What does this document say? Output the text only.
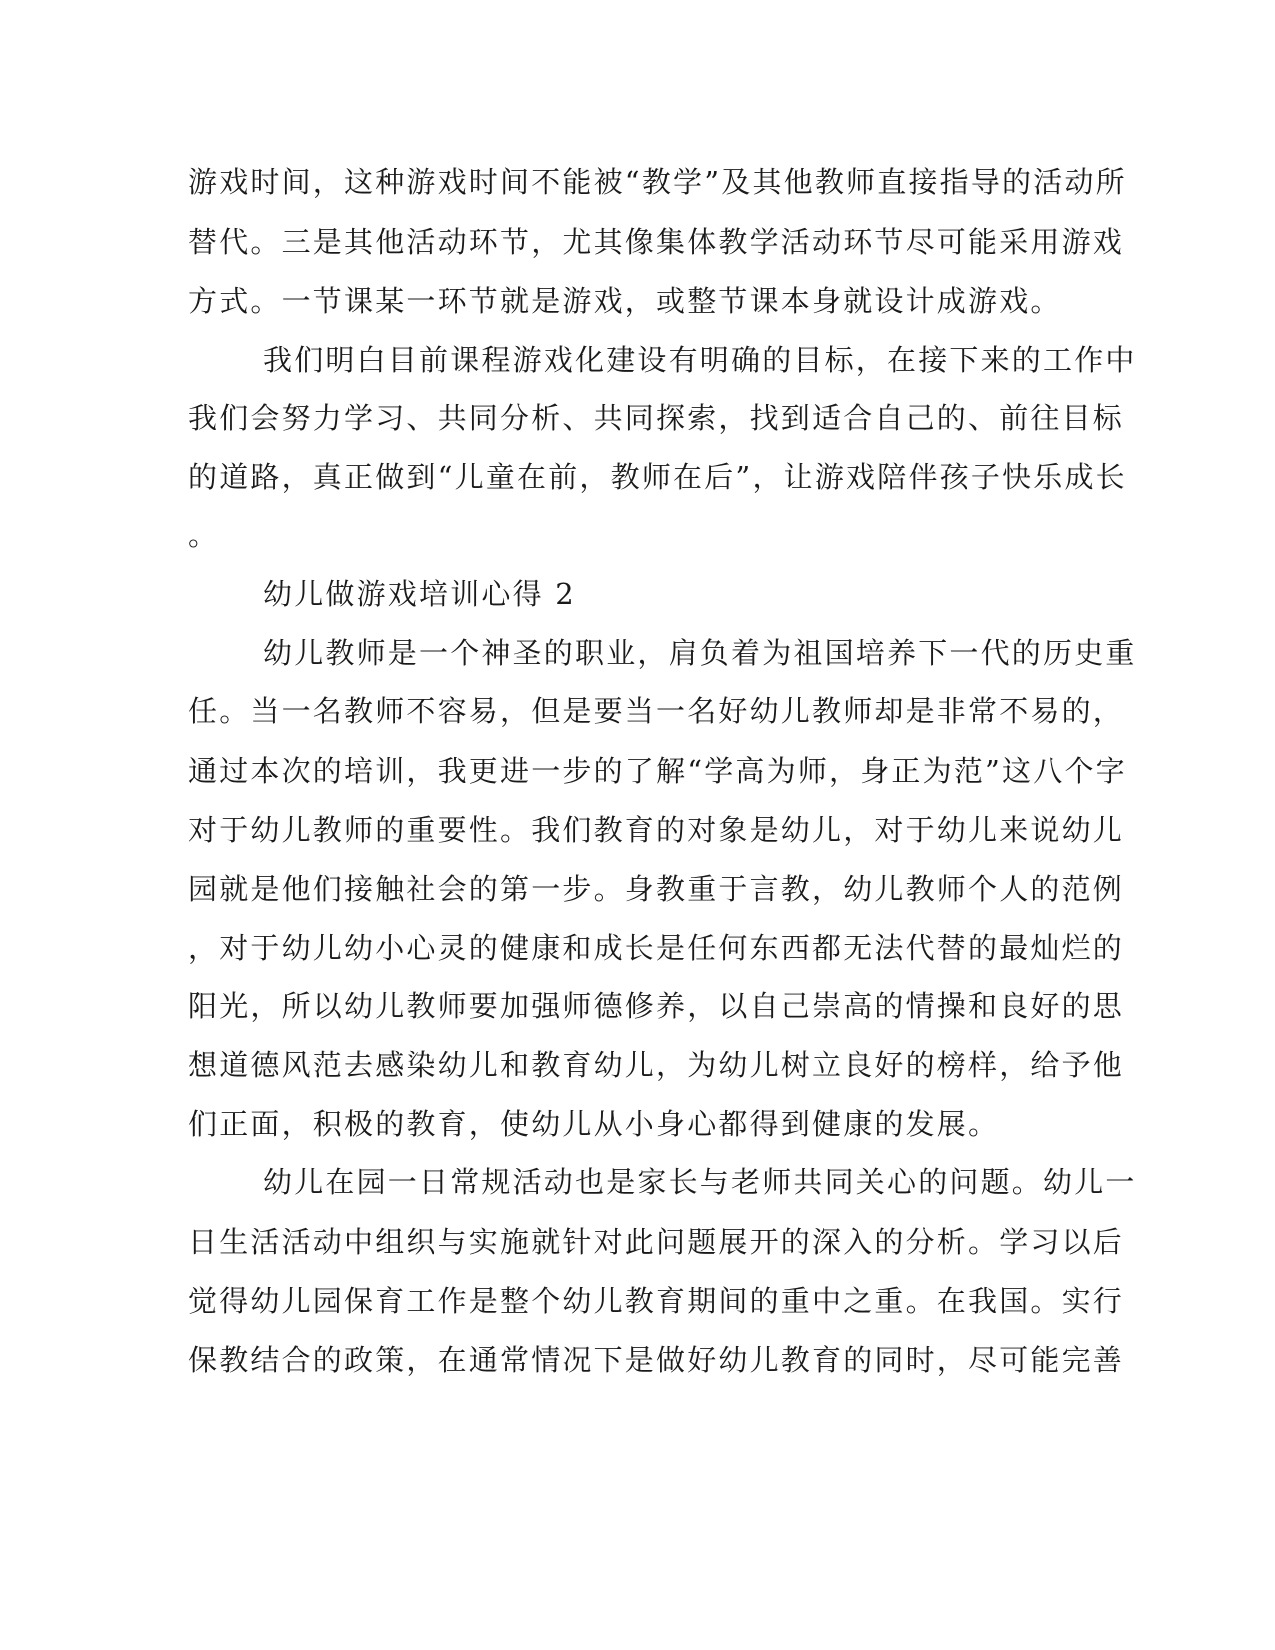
游戏时间，这种游戏时间不能被“教学”及其他教师直接指导的活动所
替代。三是其他活动环节，尤其像集体教学活动环节尽可能采用游戏
方式。一节课某一环节就是游戏，或整节课本身就设计成游戏。
我们明白目前课程游戏化建设有明确的目标，在接下来的工作中
我们会努力学习、共同分析、共同探索，找到适合自己的、前往目标
的道路，真正做到“儿童在前，教师在后”，让游戏陪伴孩子快乐成长
。
幼儿做游戏培训心得 2
幼儿教师是一个神圣的职业，肩负着为祖国培养下一代的历史重
任。当一名教师不容易，但是要当一名好幼儿教师却是非常不易的，
通过本次的培训，我更进一步的了解“学高为师，身正为范”这八个字
对于幼儿教师的重要性。我们教育的对象是幼儿，对于幼儿来说幼儿
园就是他们接触社会的第一步。身教重于言教，幼儿教师个人的范例
，对于幼儿幼小心灵的健康和成长是任何东西都无法代替的最灿烂的
阳光，所以幼儿教师要加强师德修养，以自己崇高的情操和良好的思
想道德风范去感染幼儿和教育幼儿，为幼儿树立良好的榜样，给予他
们正面，积极的教育，使幼儿从小身心都得到健康的发展。
幼儿在园一日常规活动也是家长与老师共同关心的问题。幼儿一
日生活活动中组织与实施就针对此问题展开的深入的分析。学习以后
觉得幼儿园保育工作是整个幼儿教育期间的重中之重。在我国。实行
保教结合的政策，在通常情况下是做好幼儿教育的同时，尽可能完善
